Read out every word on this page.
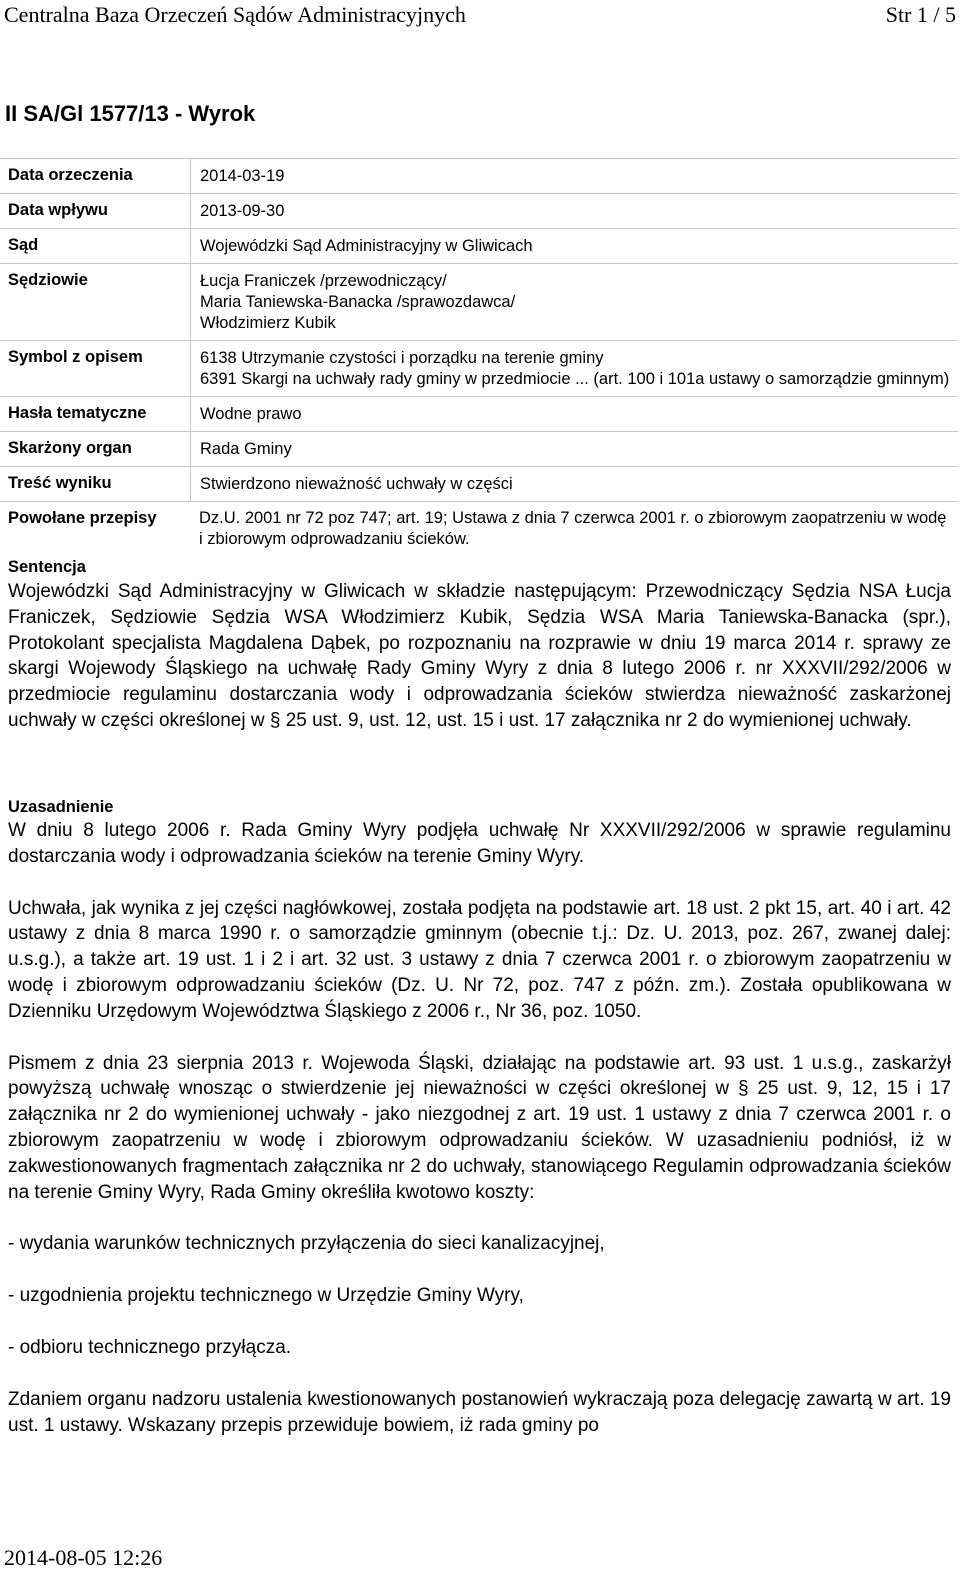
Centralna Baza Orzeczeń Sądów Administracyjnych	Str 1 / 5
II SA/Gl 1577/13 - Wyrok
Data orzeczenia	2014-03-19
Data wpływu	2013-09-30
Sąd	Wojewódzki Sąd Administracyjny w Gliwicach
Sędziowie	Łucja Franiczek /przewodniczący/
Maria Taniewska-Banacka /sprawozdawca/
Włodzimierz Kubik
Symbol z opisem	6138 Utrzymanie czystości i porządku na terenie gminy
6391 Skargi na uchwały rady gminy w przedmiocie ... (art. 100 i 101a ustawy o samorządzie gminnym)
Hasła tematyczne	Wodne prawo
Skarżony organ	Rada Gminy
Treść wyniku	Stwierdzono nieważność uchwały w części
Powołane przepisy	Dz.U. 2001 nr 72 poz 747; art. 19; Ustawa z dnia 7 czerwca 2001 r. o zbiorowym zaopatrzeniu w wodę i zbiorowym odprowadzaniu ścieków.
Sentencja

Wojewódzki Sąd Administracyjny w Gliwicach w składzie następującym: Przewodniczący Sędzia NSA Łucja Franiczek, Sędziowie Sędzia WSA Włodzimierz Kubik, Sędzia WSA Maria Taniewska-Banacka (spr.), Protokolant specjalista Magdalena Dąbek, po rozpoznaniu na rozprawie w dniu 19 marca 2014 r. sprawy ze skargi Wojewody Śląskiego na uchwałę Rady Gminy Wyry z dnia 8 lutego 2006 r. nr XXXVII/292/2006 w przedmiocie regulaminu dostarczania wody i odprowadzania ścieków stwierdza nieważność zaskarżonej uchwały w części określonej w § 25 ust. 9, ust. 12, ust. 15 i ust. 17 załącznika nr 2 do wymienionej uchwały.

Uzasadnienie

W dniu 8 lutego 2006 r. Rada Gminy Wyry podjęła uchwałę Nr XXXVII/292/2006 w sprawie regulaminu dostarczania wody i odprowadzania ścieków na terenie Gminy Wyry.

Uchwała, jak wynika z jej części nagłówkowej, została podjęta na podstawie art. 18 ust. 2 pkt 15, art. 40 i art. 42 ustawy z dnia 8 marca 1990 r. o samorządzie gminnym (obecnie t.j.: Dz. U. 2013, poz. 267, zwanej dalej: u.s.g.), a także art. 19 ust. 1 i 2 i art. 32 ust. 3 ustawy z dnia 7 czerwca 2001 r. o zbiorowym zaopatrzeniu w wodę i zbiorowym odprowadzaniu ścieków (Dz. U. Nr 72, poz. 747 z późn. zm.). Została opublikowana w Dzienniku Urzędowym Województwa Śląskiego z 2006 r., Nr 36, poz. 1050.

Pismem z dnia 23 sierpnia 2013 r. Wojewoda Śląski, działając na podstawie art. 93 ust. 1 u.s.g., zaskarżył powyższą uchwałę wnosząc o stwierdzenie jej nieważności w części określonej w § 25 ust. 9, 12, 15 i 17 załącznika nr 2 do wymienionej uchwały - jako niezgodnej z art. 19 ust. 1 ustawy z dnia 7 czerwca 2001 r. o zbiorowym zaopatrzeniu w wodę i zbiorowym odprowadzaniu ścieków. W uzasadnieniu podniósł, iż w zakwestionowanych fragmentach załącznika nr 2 do uchwały, stanowiącego Regulamin odprowadzania ścieków na terenie Gminy Wyry, Rada Gminy określiła kwotowo koszty:

- wydania warunków technicznych przyłączenia do sieci kanalizacyjnej,

- uzgodnienia projektu technicznego w Urzędzie Gminy Wyry,

- odbioru technicznego przyłącza.

Zdaniem organu nadzoru ustalenia kwestionowanych postanowień wykraczają poza delegację zawartą w art. 19 ust. 1 ustawy. Wskazany przepis przewiduje bowiem, iż rada gminy po

2014-08-05 12:26
